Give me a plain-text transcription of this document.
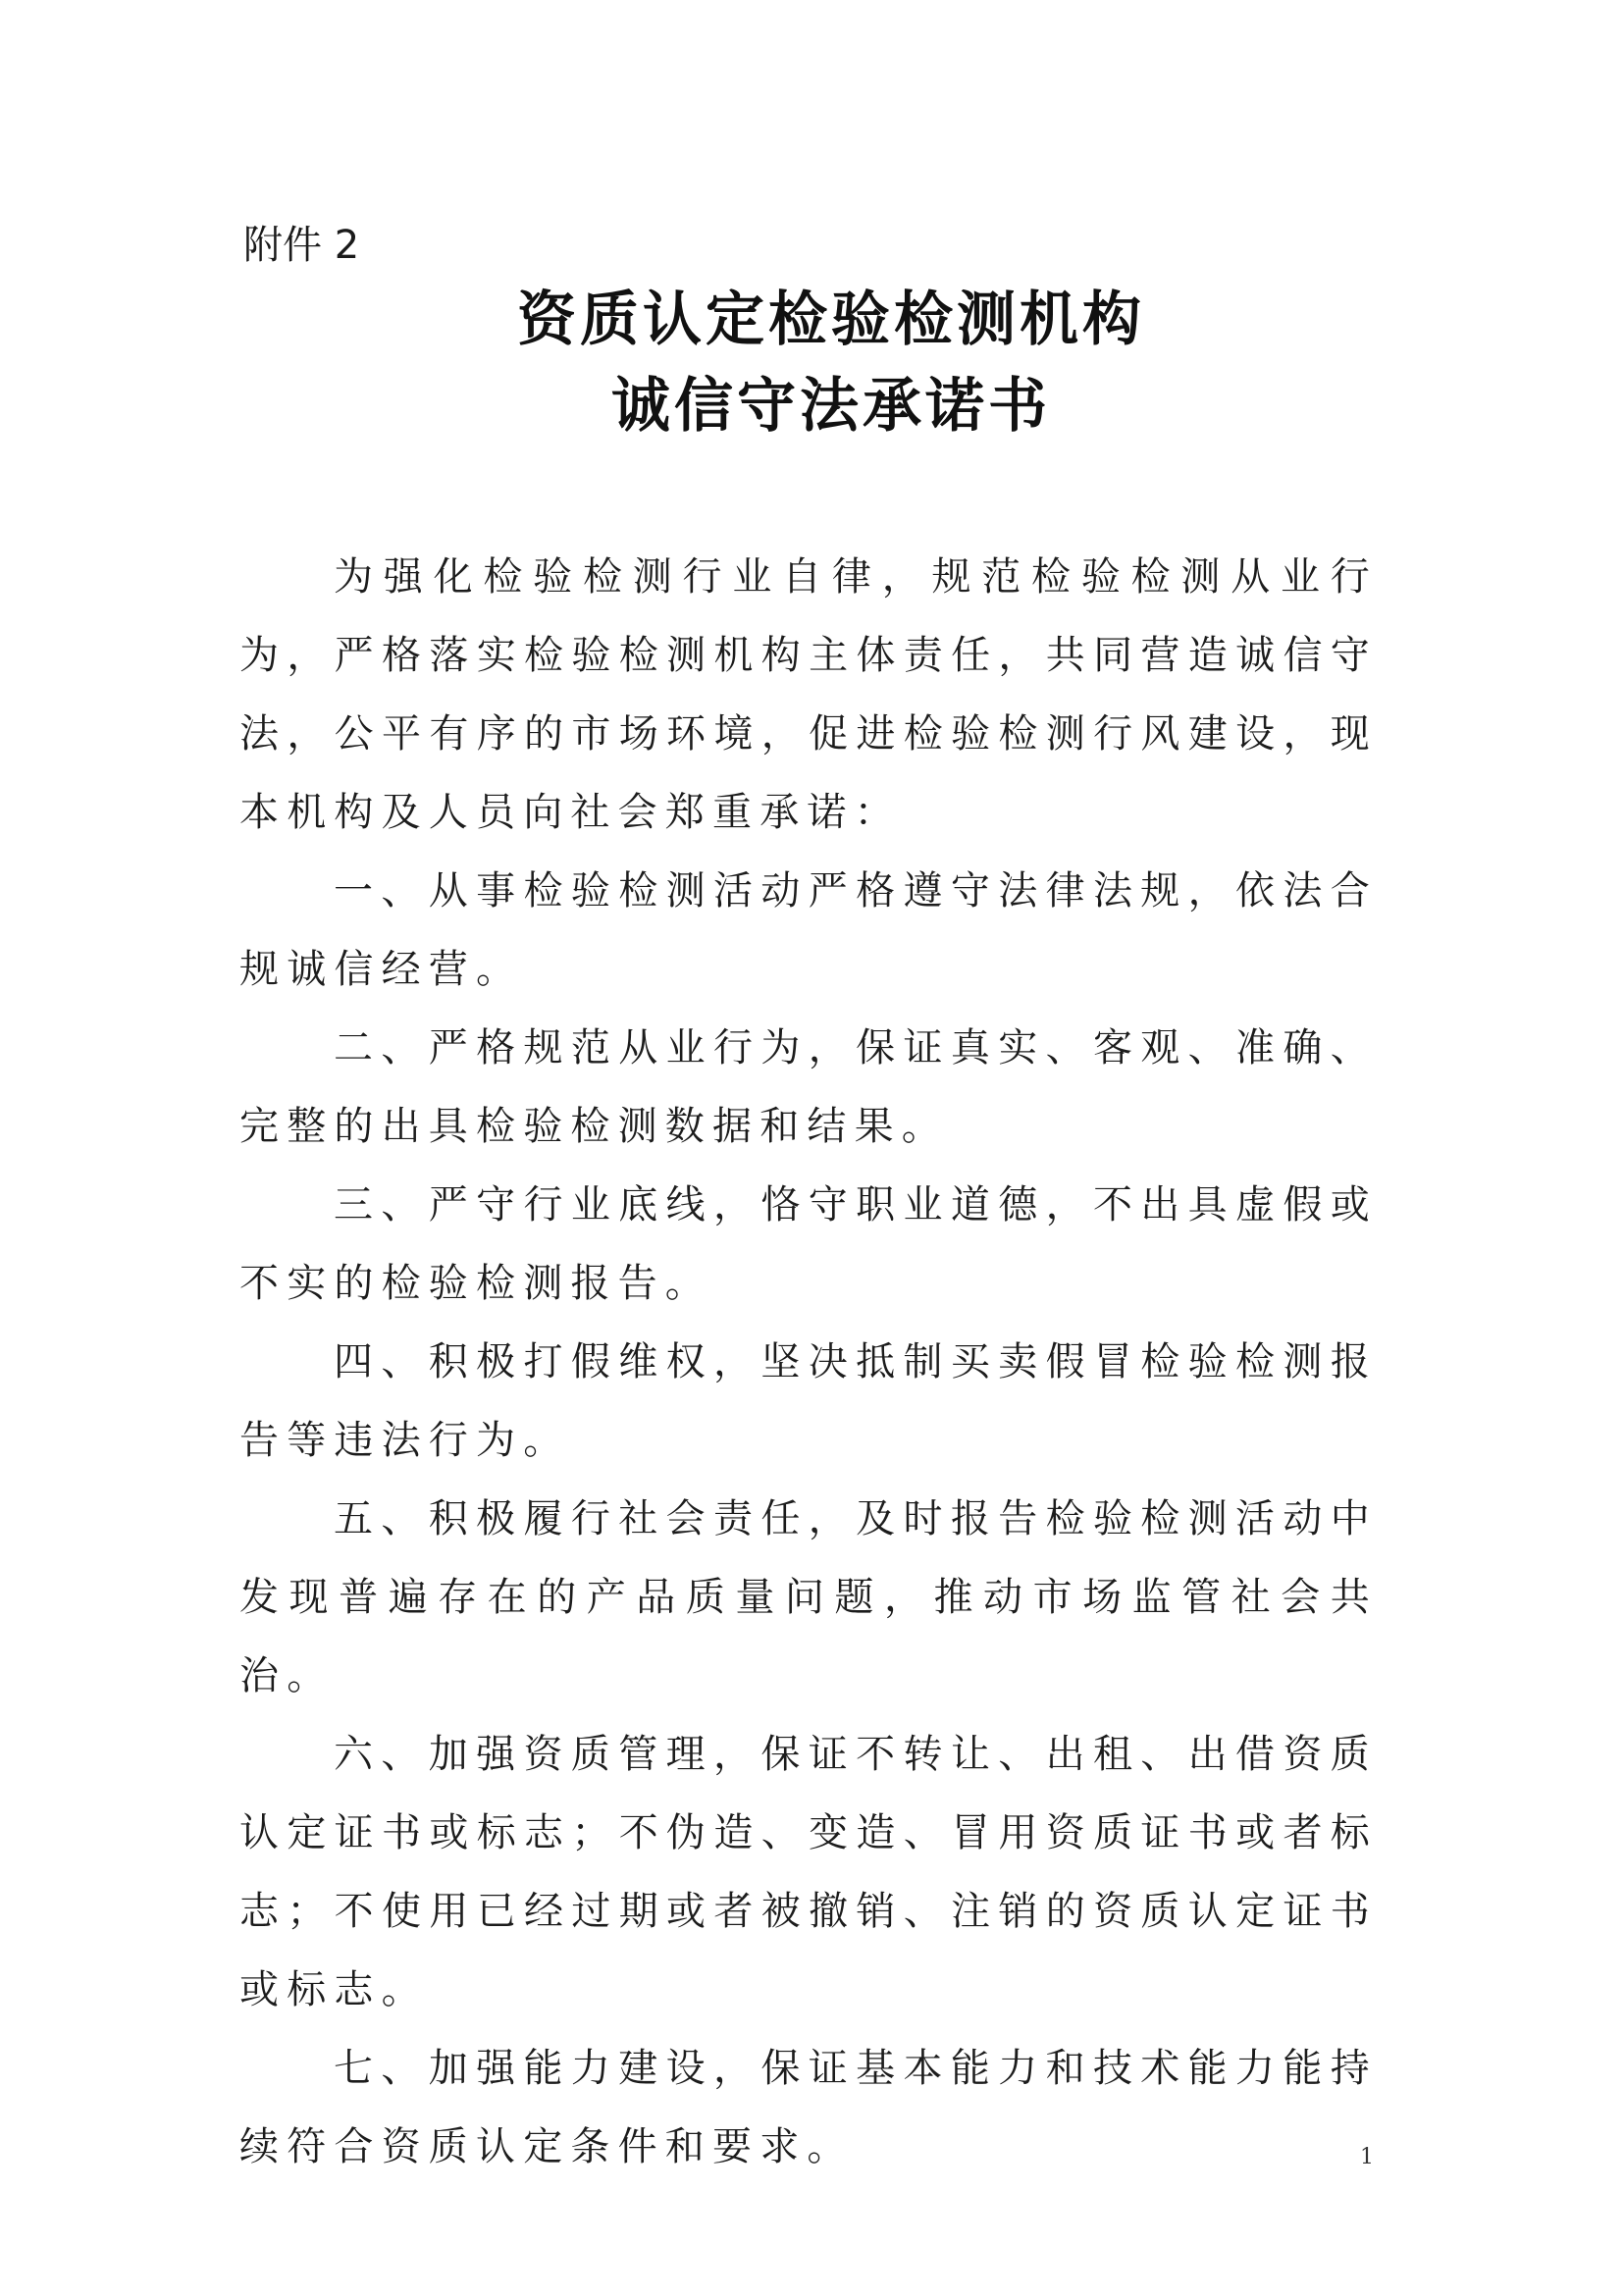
附件 2
资质认定检验检测机构
诚信守法承诺书

为强化检验检测行业自律，规范检验检测从业行为，严格落实检验检测机构主体责任，共同营造诚信守法，公平有序的市场环境，促进检验检测行风建设，现本机构及人员向社会郑重承诺：

一、从事检验检测活动严格遵守法律法规，依法合规诚信经营。

二、严格规范从业行为，保证真实、客观、准确、完整的出具检验检测数据和结果。

三、严守行业底线，恪守职业道德，不出具虚假或不实的检验检测报告。

四、积极打假维权，坚决抵制买卖假冒检验检测报告等违法行为。

五、积极履行社会责任，及时报告检验检测活动中发现普遍存在的产品质量问题，推动市场监管社会共治。

六、加强资质管理，保证不转让、出租、出借资质认定证书或标志；不伪造、变造、冒用资质证书或者标志；不使用已经过期或者被撤销、注销的资质认定证书或标志。

七、加强能力建设，保证基本能力和技术能力能持续符合资质认定条件和要求。	1
